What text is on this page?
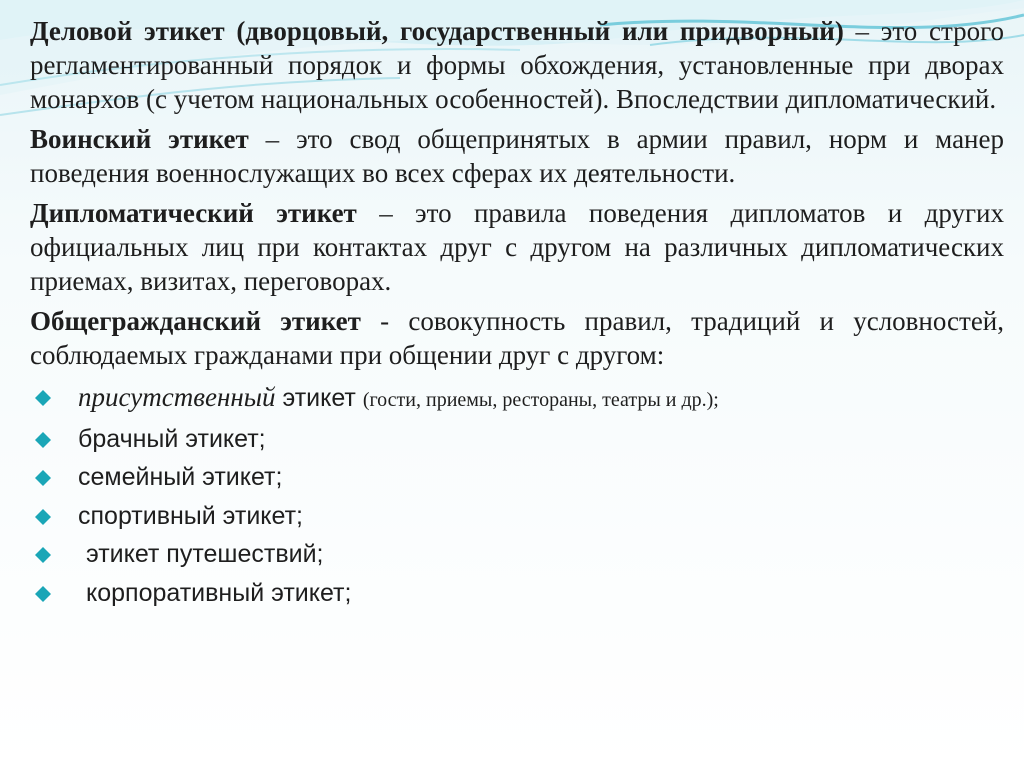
Деловой этикет (дворцовый, государственный или придворный) – это строго регламентированный порядок и формы обхождения, установленные при дворах монархов (с учетом национальных особенностей). Впоследствии дипломатический.

Воинский этикет – это свод общепринятых в армии правил, норм и манер поведения военнослужащих во всех сферах их деятельности.

Дипломатический этикет – это правила поведения дипломатов и других официальных лиц при контактах друг с другом на различных дипломатических приемах, визитах, переговорах.

Общегражданский этикет - совокупность правил, традиций и условностей, соблюдаемых гражданами при общении друг с другом:

присутственный этикет (гости, приемы, рестораны, театры и др.);
брачный этикет;
семейный этикет;
спортивный этикет;
этикет путешествий;
корпоративный этикет;
